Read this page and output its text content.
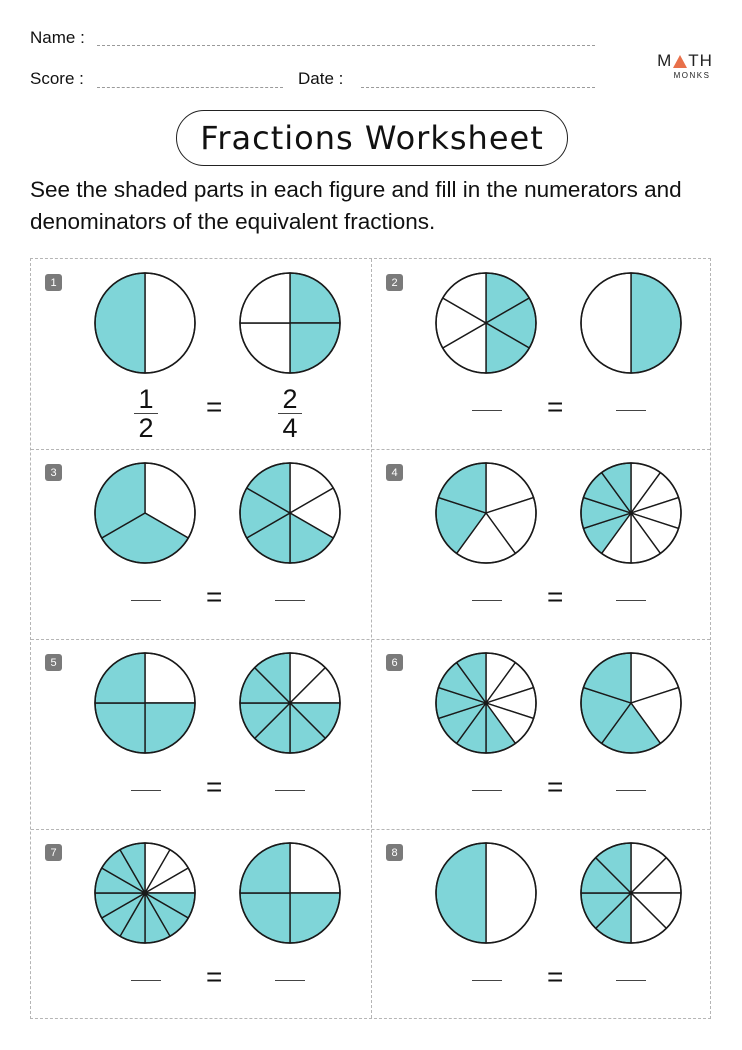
Name :
Score :	Date :
M TH
MONKS
Fractions Worksheet
See the shaded parts in each figure and fill in the numerators and denominators of the equivalent fractions.
1
=
1
2
2
4
2
=
3
=
4
=
5
=
6
=
7
=
8
=
